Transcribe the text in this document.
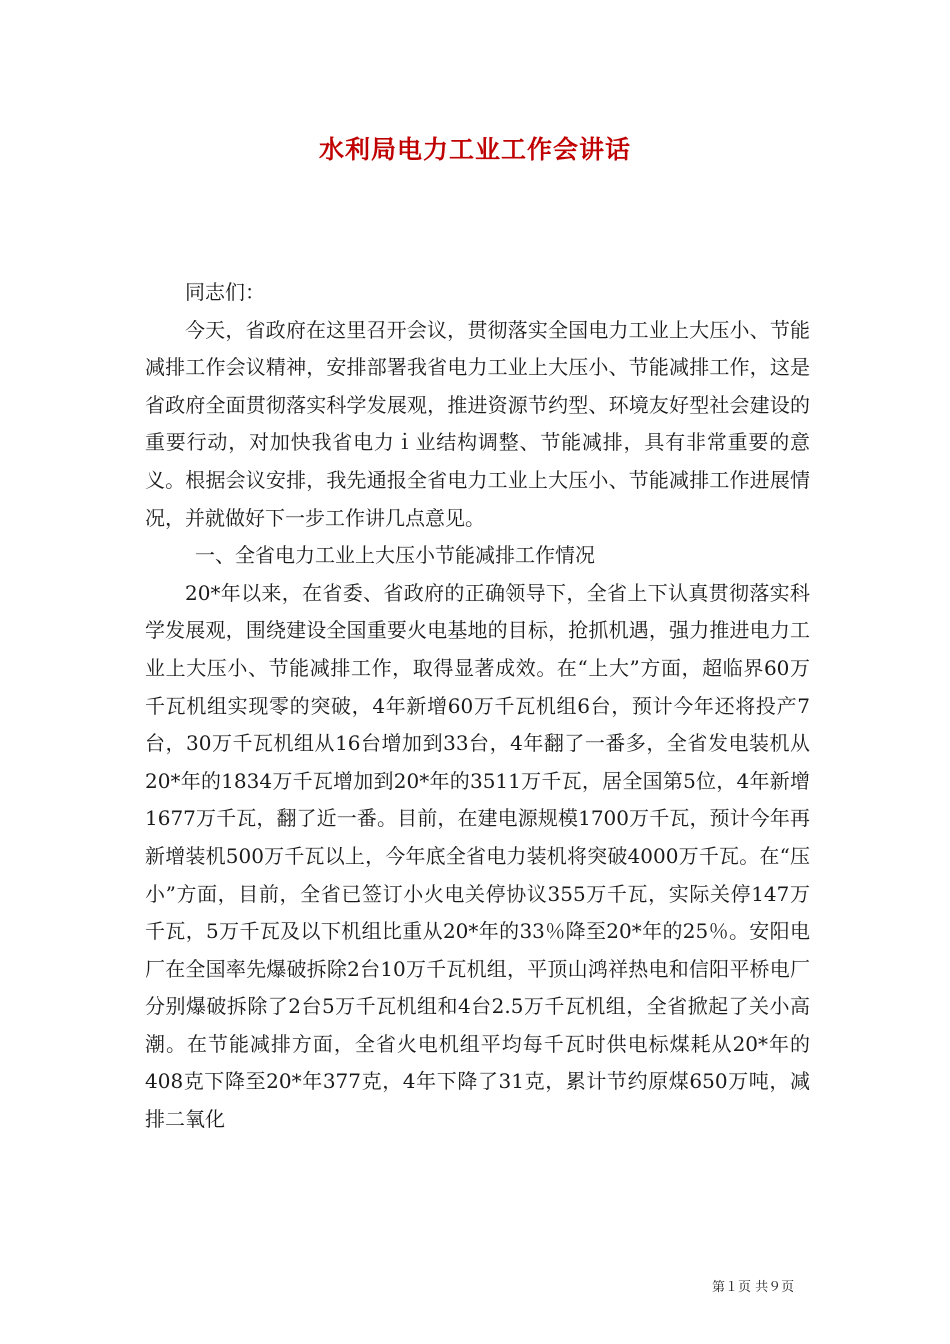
水利局电力工业工作会讲话

同志们：

今天，省政府在这里召开会议，贯彻落实全国电力工业上大压小、节能减排工作会议精神，安排部署我省电力工业上大压小、节能减排工作，这是省政府全面贯彻落实科学发展观，推进资源节约型、环境友好型社会建设的重要行动，对加快我省电力ｉ业结构调整、节能减排，具有非常重要的意义。根据会议安排，我先通报全省电力工业上大压小、节能减排工作进展情况，并就做好下一步工作讲几点意见。

一、全省电力工业上大压小节能减排工作情况

20*年以来，在省委、省政府的正确领导下，全省上下认真贯彻落实科学发展观，围绕建设全国重要火电基地的目标，抢抓机遇，强力推进电力工业上大压小、节能减排工作，取得显著成效。在“上大”方面，超临界60万千瓦机组实现零的突破，4年新增60万千瓦机组6台，预计今年还将投产7台，30万千瓦机组从16台增加到33台，4年翻了一番多，全省发电装机从20*年的1834万千瓦增加到20*年的3511万千瓦，居全国第5位，4年新增1677万千瓦，翻了近一番。目前，在建电源规模1700万千瓦，预计今年再新增装机500万千瓦以上，今年底全省电力装机将突破4000万千瓦。在“压小”方面，目前，全省已签订小火电关停协议355万千瓦，实际关停147万千瓦，5万千瓦及以下机组比重从20*年的33％降至20*年的25％。安阳电厂在全国率先爆破拆除2台10万千瓦机组，平顶山鸿祥热电和信阳平桥电厂分别爆破拆除了2台5万千瓦机组和4台2.5万千瓦机组，全省掀起了关小高潮。在节能减排方面，全省火电机组平均每千瓦时供电标煤耗从20*年的408克下降至20*年377克，4年下降了31克，累计节约原煤650万吨，减排二氧化

第１页 共９页
